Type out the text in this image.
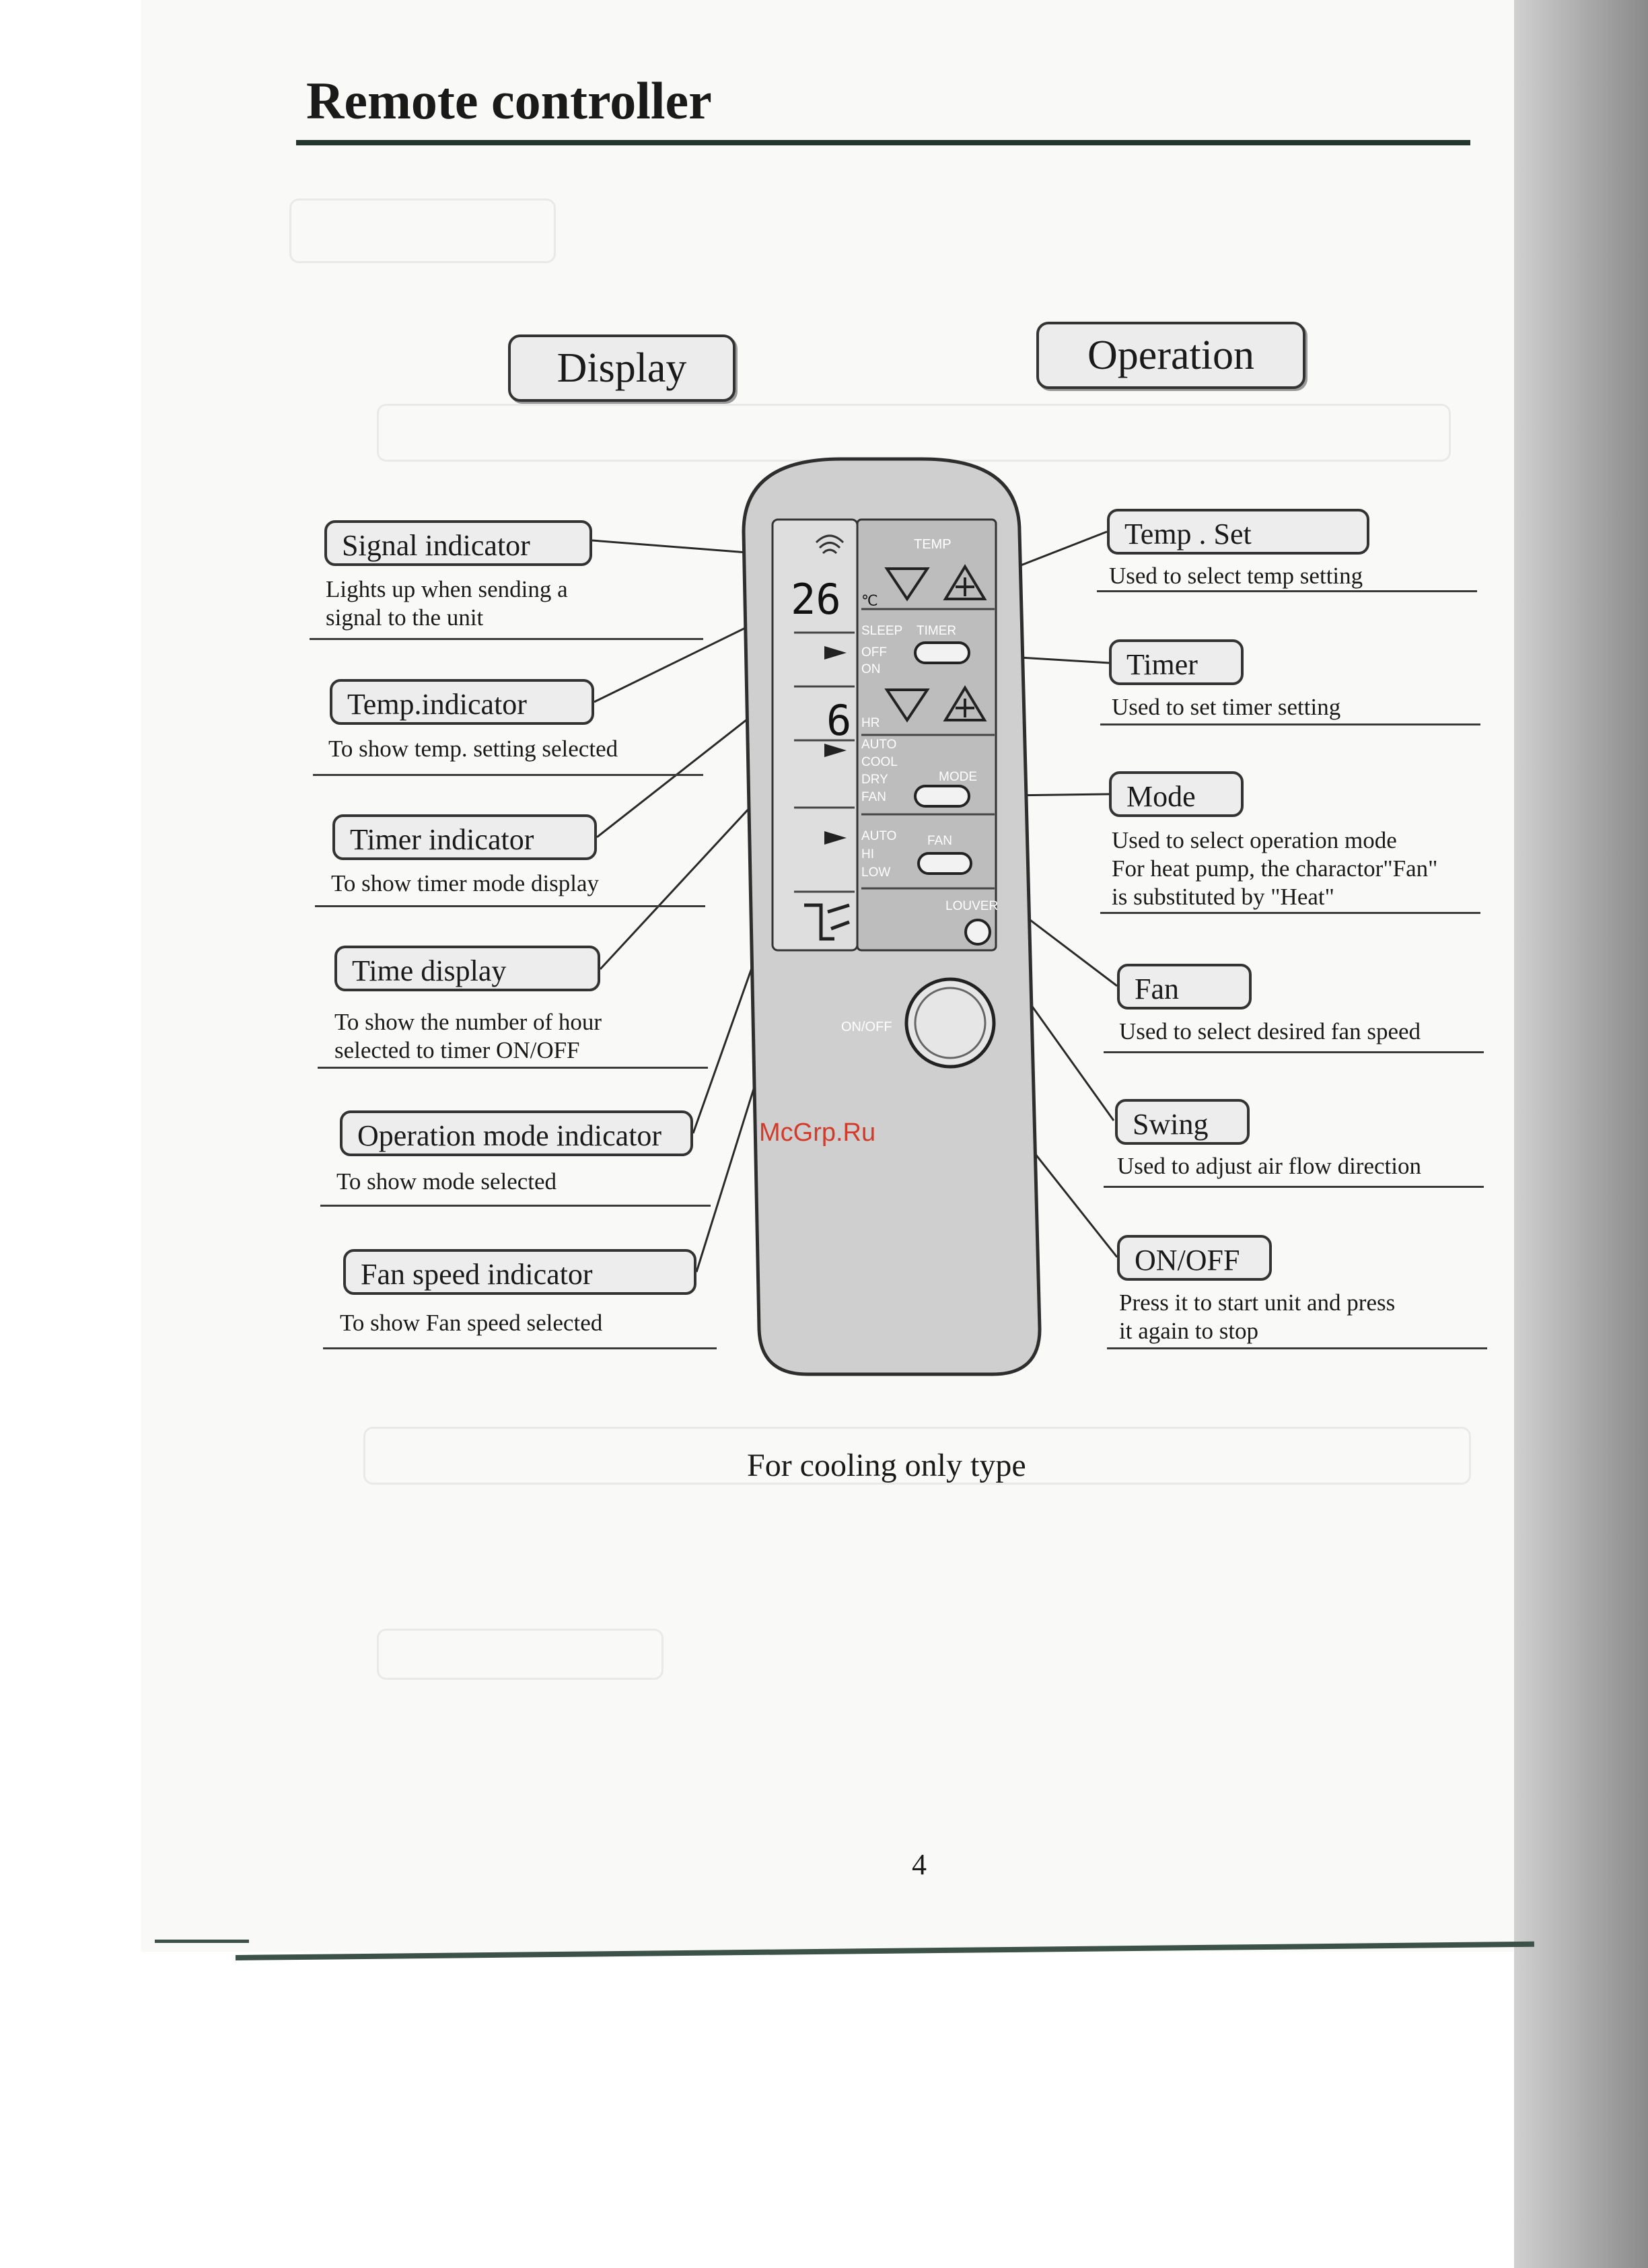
Remote controller
Display	Operation
TEMP
SLEEP TIMER
OFF
ON
HR
AUTO
COOL
DRY
FAN
MODE
AUTO
HI
LOW
FAN
LOUVER
ON/OFF
26 ℃
6
Signal indicator
Lights up when sending a
signal to the unit
Temp.indicator
To show temp. setting selected
Timer indicator
To show timer mode display
Time display
To show the number of hour
selected to timer ON/OFF
Operation mode indicator
To show mode selected
Fan speed indicator
To show Fan speed selected
Temp . Set
Used to select temp setting
Timer
Used to set timer setting
Mode
Used to select operation mode
For heat pump, the charactor"Fan"
is substituted by "Heat"
Fan
Used to select desired fan speed
Swing
Used to adjust air flow direction
ON/OFF
Press it to start unit and press
it again to stop
McGrp.Ru
For cooling only type
4
